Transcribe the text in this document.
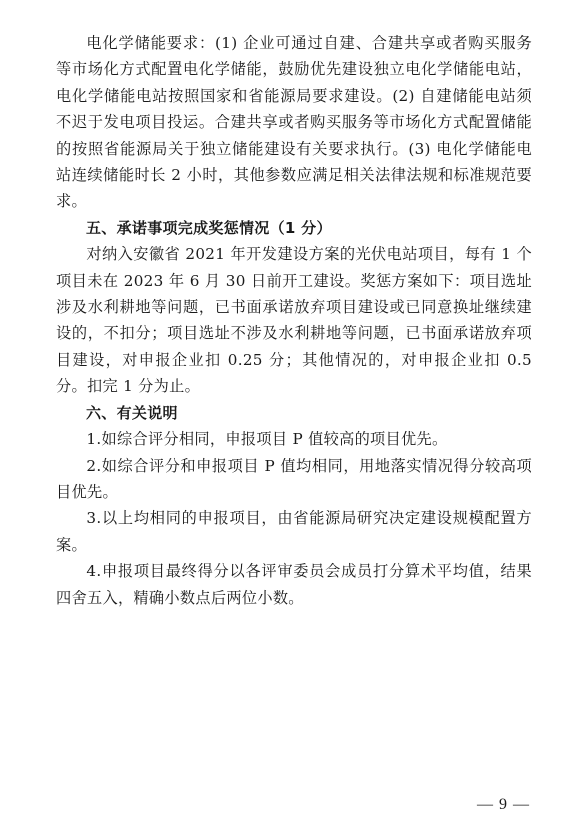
电化学储能要求：(1) 企业可通过自建、合建共享或者购买服务等市场化方式配置电化学储能，鼓励优先建设独立电化学储能电站，电化学储能电站按照国家和省能源局要求建设。(2) 自建储能电站须不迟于发电项目投运。合建共享或者购买服务等市场化方式配置储能的按照省能源局关于独立储能建设有关要求执行。(3) 电化学储能电站连续储能时长 2 小时，其他参数应满足相关法律法规和标准规范要求。

五、承诺事项完成奖惩情况（1 分）

对纳入安徽省 2021 年开发建设方案的光伏电站项目，每有 1 个项目未在 2023 年 6 月 30 日前开工建设。奖惩方案如下：项目选址涉及水利耕地等问题，已书面承诺放弃项目建设或已同意换址继续建设的，不扣分；项目选址不涉及水利耕地等问题，已书面承诺放弃项目建设，对申报企业扣 0.25 分；其他情况的，对申报企业扣 0.5 分。扣完 1 分为止。

六、有关说明

1.如综合评分相同，申报项目 P 值较高的项目优先。

2.如综合评分和申报项目 P 值均相同，用地落实情况得分较高项目优先。

3.以上均相同的申报项目，由省能源局研究决定建设规模配置方案。

4.申报项目最终得分以各评审委员会成员打分算术平均值，结果四舍五入，精确小数点后两位小数。

— 9 —
